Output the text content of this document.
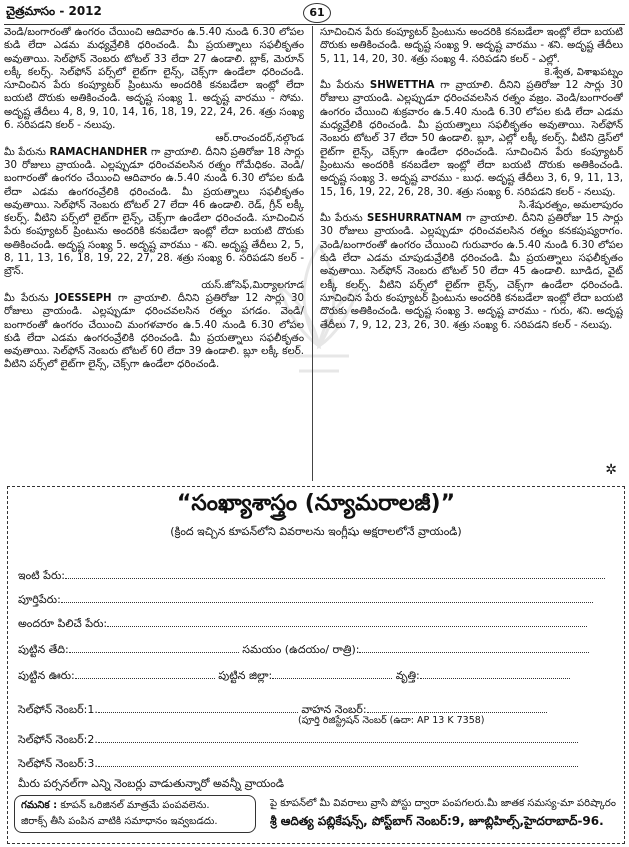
చైత్రమాసం - 2012	61

వెండి/బంగారంతో ఉంగరం చేయించి ఆదివారం ఉ.5.40 నుండి 6.30 లోపల కుడి లేదా ఎడమ మధ్యవ్రేలికి ధరించండి. మీ ప్రయత్నాలు సఫలీకృతం అవుతాయి. సెల్‌ఫోన్ నెంబరు టోటల్ 33 లేదా 27 ఉండాలి. బ్లాక్, మెరూన్ లక్కీ కలర్స్. సెల్‌ఫోన్ పర్స్‌లో లైట్‌గా లైన్స్, చెక్స్‌గా ఉండేలా ధరించండి. సూచించిన పేరు కంప్యూటర్ ప్రింటును అందరికి కనబడేలా ఇంట్లో లేదా బయటి దొరుకు అతికించండి. అదృష్ట సంఖ్య 1. అదృష్ట వారము - సోమ. అదృష్ట తేదీలు 4, 8, 9, 10, 14, 16, 18, 19, 22, 24, 26. శత్రు సంఖ్య 6. సరిపడని కలర్ - నలుపు.

ఆర్.రాంచందర్,నల్గొండ

మీ పేరును RAMACHANDHER గా వ్రాయాలి. దీనిని ప్రతిరోజు 18 సార్లు 30 రోజులు వ్రాయండి. ఎల్లప్పుడూ ధరించవలసిన రత్నం గోమేధికం. వెండి/బంగారంతో ఉంగరం చేయించి ఆదివారం ఉ.5.40 నుండి 6.30 లోపల కుడి లేదా ఎడమ ఉంగరంవ్రేలికి ధరించండి. మీ ప్రయత్నాలు సఫలీకృతం అవుతాయి. సెల్‌ఫోన్ నెంబరు టోటల్ 27 లేదా 46 ఉండాలి. రెడ్, గ్రీన్ లక్కీ కలర్స్. వీటిని పర్స్‌లో లైట్‌గా లైన్స్, చెక్స్‌గా ఉండేలా ధరించండి. సూచించిన పేరు కంప్యూటర్ ప్రింటును అందరికి కనబడేలా ఇంట్లో లేదా బయటి దొరుకు అతికించండి. అదృష్ట సంఖ్య 5. అదృష్ట వారము - శని. అదృష్ట తేదీలు 2, 5, 8, 11, 13, 16, 18, 19, 22, 27, 28. శత్రు సంఖ్య 6. సరిపడని కలర్ - బ్రౌన్.

యస్.జోసెఫ్,మిర్యాలగూడ

మీ పేరును JOESSEPH గా వ్రాయాలి. దీనిని ప్రతిరోజు 12 సార్లు 30 రోజులు వ్రాయండి. ఎల్లప్పుడూ ధరించవలసిన రత్నం పగడం. వెండి/బంగారంతో ఉంగరం చేయించి మంగళవారం ఉ.5.40 నుండి 6.30 లోపల కుడి లేదా ఎడమ ఉంగరంవ్రేలికి ధరించండి. మీ ప్రయత్నాలు సఫలీకృతం అవుతాయి. సెల్‌ఫోన్ నెంబరు టోటల్ 60 లేదా 39 ఉండాలి. బ్లూ లక్కీ కలర్. వీటిని పర్స్‌లో లైట్‌గా లైన్స్, చెక్స్‌గా ఉండేలా ధరించండి.

సూచించిన పేరు కంప్యూటర్ ప్రింటును అందరికి కనబడేలా ఇంట్లో లేదా బయటి దొరుకు అతికించండి. అదృష్ట సంఖ్య 9. అదృష్ట వారము - శని. అదృష్ట తేదీలు 5, 11, 14, 20, 30. శత్రు సంఖ్య 4. సరిపడని కలర్ - ఎల్లో.

కె.శ్వేత, విశాఖపట్నం

మీ పేరును SHWETTHA గా వ్రాయాలి. దీనిని ప్రతిరోజు 12 సార్లు 30 రోజులు వ్రాయండి. ఎల్లప్పుడూ ధరించవలసిన రత్నం వజ్రం. వెండి/బంగారంతో ఉంగరం చేయించి శుక్రవారం ఉ.5.40 నుండి 6.30 లోపల కుడి లేదా ఎడమ మధ్యవ్రేలికి ధరించండి. మీ ప్రయత్నాలు సఫలీకృతం అవుతాయి. సెల్‌ఫోన్ నెంబరు టోటల్ 37 లేదా 50 ఉండాలి. బ్లూ, ఎల్లో లక్కీ కలర్స్. వీటిని డ్రెస్‌లో లైట్‌గా లైన్స్, చెక్స్‌గా ఉండేలా ధరించండి. సూచించిన పేరు కంప్యూటర్ ప్రింటును అందరికి కనబడేలా ఇంట్లో లేదా బయటి దొరుకు అతికించండి. అదృష్ట సంఖ్య 3. అదృష్ట వారము - బుధ. అదృష్ట తేదీలు 3, 6, 9, 11, 13, 15, 16, 19, 22, 26, 28, 30. శత్రు సంఖ్య 6. సరిపడని కలర్ - నలుపు.

సి.శేషురత్నం, అమలాపురం

మీ పేరును SESHURRATNAM గా వ్రాయాలి. దీనిని ప్రతిరోజు 15 సార్లు 30 రోజులు వ్రాయండి. ఎల్లప్పుడూ ధరించవలసిన రత్నం కనకపుష్యరాగం. వెండి/బంగారంతో ఉంగరం చేయించి గురువారం ఉ.5.40 నుండి 6.30 లోపల కుడి లేదా ఎడమ చూపుడువ్రేలికి ధరించండి. మీ ప్రయత్నాలు సఫలీకృతం అవుతాయి. సెల్‌ఫోన్ నెంబరు టోటల్ 50 లేదా 45 ఉండాలి. బూడిద, వైట్ లక్కీ కలర్స్. వీటిని పర్స్‌లో లైట్‌గా లైన్స్, చెక్స్‌గా ఉండేలా ధరించండి. సూచించిన పేరు కంప్యూటర్ ప్రింటును అందరికి కనబడేలా ఇంట్లో లేదా బయటి దొరుకు అతికించండి. అదృష్ట సంఖ్య 3. అదృష్ట వారము - గురు, శని. అదృష్ట తేదీలు 7, 9, 12, 23, 26, 30. శత్రు సంఖ్య 6. సరిపడని కలర్ - నలుపు.

✲
“సంఖ్యాశాస్త్రం (న్యూమరాలజీ)”
(క్రింద ఇచ్చిన కూపన్‌లోని వివరాలను ఇంగ్లీషు అక్షరాలలోనే వ్రాయండి)
ఇంటి పేరు:
పూర్తిపేరు:
అందరూ పిలిచే పేరు:
పుట్టిన తేది:	సమయం (ఉదయం/ రాత్రి):
పుట్టిన ఊరు:	పుట్టిన జిల్లా:	వృత్తి:
సెల్‌ఫోన్ నెంబర్:1.	వాహన నెంబర్:
(పూర్తి రిజిస్ట్రేషన్ నెంబర్ (ఉదా: AP 13 K 7358)
సెల్‌ఫోన్ నెంబర్:2.
సెల్‌ఫోన్ నెంబర్:3.
మీరు పర్సనల్‌గా ఎన్ని నెంబర్లు వాడుతున్నారో అవన్నీ వ్రాయండి
గమనిక : కూపన్ ఒరిజినల్ మాత్రమే పంపవలెను.
జిరాక్స్ తీసి పంపిన వాటికి సమాధానం ఇవ్వబడదు.
పై కూపన్‌లో మీ వివరాలు వ్రాసి పోస్టు ద్వారా పంపగలరు.మీ జాతక సమస్య-మా పరిష్కారం
శ్రీ ఆదిత్య పబ్లికేషన్స్, పోస్ట్‌బాగ్ నెంబర్:9, జూబ్లిహిల్స్,హైదరాబాద్-96.
